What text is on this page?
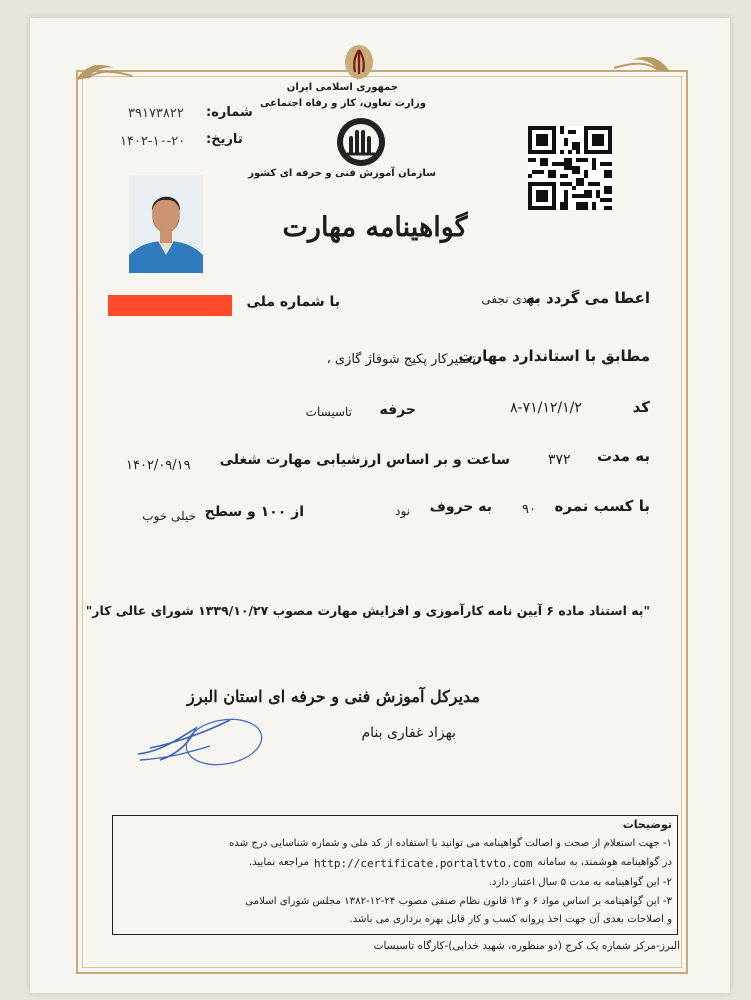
جمهوری اسلامی ایران
وزارت تعاون، کار و رفاه اجتماعی
سازمان آموزش فنی و حرفه ای کشور
شماره:
۳۹۱۷۳۸۲۲
تاریخ:
۱۴۰۲-۱۰-۲۰
گواهینامه مهارت
اعطا می گردد به
مهدی نجفی
با شماره ملی
مطابق با استاندارد مهارت
تعمیرکار پکیج شوفاژ گازی ،
کد
۸-۷۱/۱۲/۱/۲
حرفه
تاسیسات
به مدت
۳۷۲
ساعت و بر اساس ارزشیابی مهارت شغلی
۱۴۰۲/۰۹/۱۹
با کسب نمره
۹۰
به حروف
نود
از ۱۰۰ و سطح
خیلی خوب
"به استناد ماده ۶ آیین نامه کارآموزی و افزایش مهارت مصوب ۱۳۳۹/۱۰/۲۷ شورای عالی کار"
مدیرکل آموزش فنی و حرفه ای استان البرز
بهزاد غفاری بنام
توضیحات
۱- جهت استعلام از صحت و اصالت گواهینامه می توانید با استفاده از کد ملی و شماره شناسایی درج شده
در گواهینامه هوشمند، به سامانه
http://certificate.portaltvto.com
مراجعه نمایید.
۲- این گواهینامه به مدت ۵ سال اعتبار دارد.
۳- این گواهینامه بر اساس مواد ۶ و ۱۳ قانون نظام صنفی مصوب ۲۴-۱۲-۱۳۸۲ مجلس شورای اسلامی
و اصلاحات بعدی آن جهت اخذ پروانه کسب و کار قابل بهره برداری می باشد.
البرز-مرکز شماره یک کرج (دو منظوره، شهید خدایی)-کارگاه تاسیسات
